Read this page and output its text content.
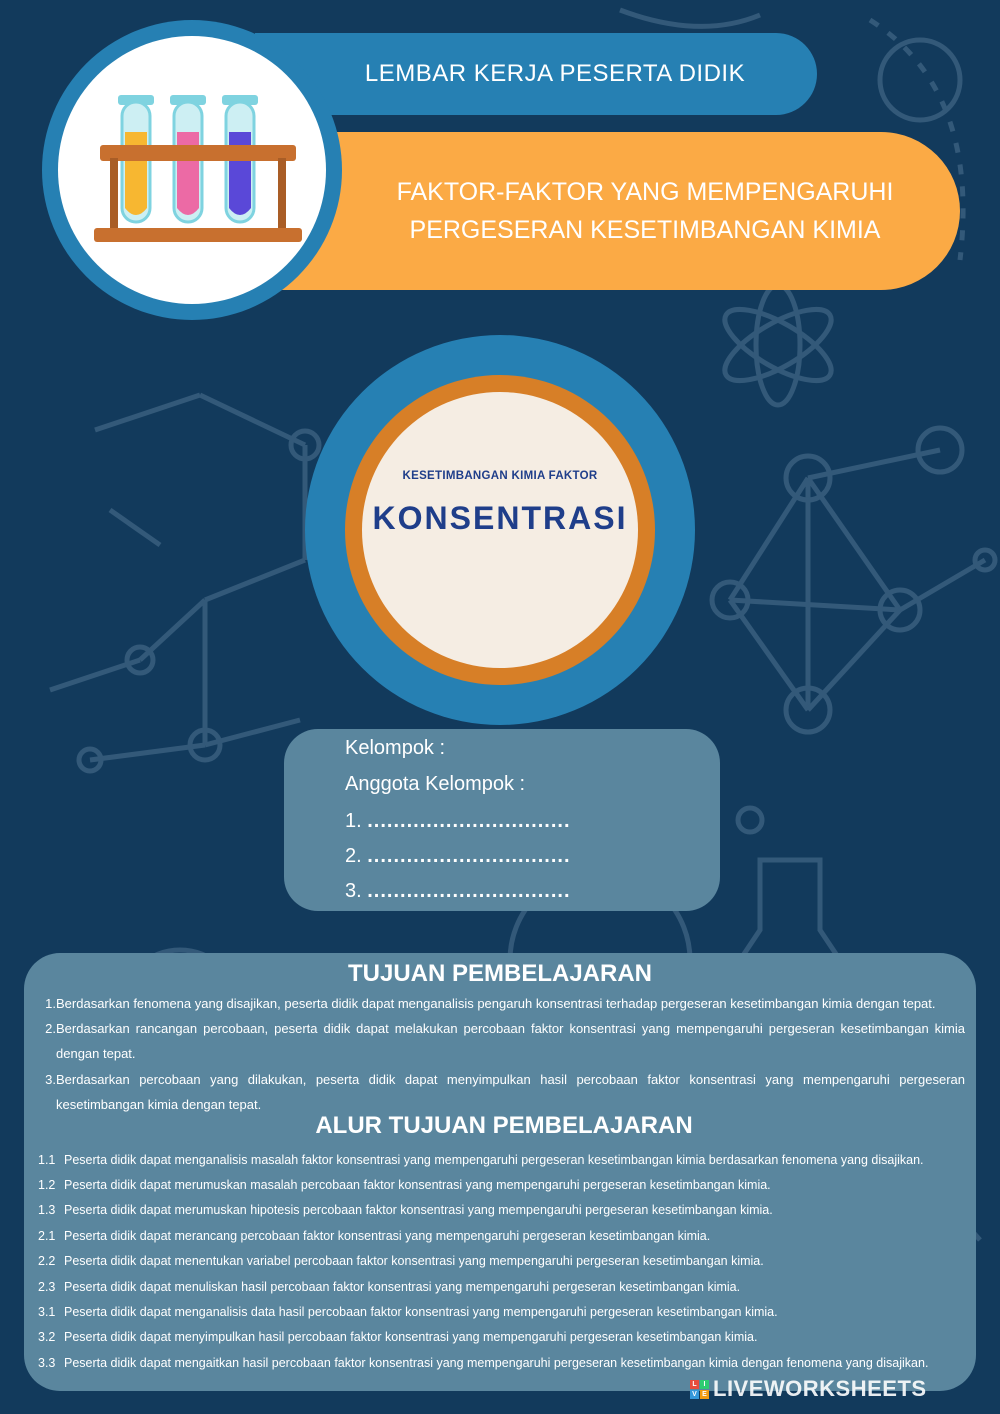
LEMBAR KERJA PESERTA DIDIK
FAKTOR-FAKTOR YANG MEMPENGARUHI
PERGESERAN KESETIMBANGAN KIMIA
KESETIMBANGAN KIMIA FAKTOR
KONSENTRASI
Kelompok :
Anggota Kelompok :
1. ...............................
2. ...............................
3. ...............................
TUJUAN PEMBELAJARAN
1. Berdasarkan fenomena yang disajikan, peserta didik dapat menganalisis pengaruh konsentrasi terhadap pergeseran kesetimbangan kimia dengan tepat.
2. Berdasarkan rancangan percobaan, peserta didik dapat melakukan percobaan faktor konsentrasi yang mempengaruhi pergeseran kesetimbangan kimia dengan tepat.
3. Berdasarkan percobaan yang dilakukan, peserta didik dapat menyimpulkan hasil percobaan faktor konsentrasi yang mempengaruhi pergeseran kesetimbangan kimia dengan tepat.
ALUR TUJUAN PEMBELAJARAN
1.1 Peserta didik dapat menganalisis masalah faktor konsentrasi yang mempengaruhi pergeseran kesetimbangan kimia berdasarkan fenomena yang disajikan.
1.2 Peserta didik dapat merumuskan masalah percobaan faktor konsentrasi yang mempengaruhi pergeseran kesetimbangan kimia.
1.3 Peserta didik dapat merumuskan hipotesis percobaan faktor konsentrasi yang mempengaruhi pergeseran kesetimbangan kimia.
2.1 Peserta didik dapat merancang percobaan faktor konsentrasi yang mempengaruhi pergeseran kesetimbangan kimia.
2.2 Peserta didik dapat menentukan variabel percobaan faktor konsentrasi yang mempengaruhi pergeseran kesetimbangan kimia.
2.3 Peserta didik dapat menuliskan hasil percobaan faktor konsentrasi yang mempengaruhi pergeseran kesetimbangan kimia.
3.1 Peserta didik dapat menganalisis data hasil percobaan faktor konsentrasi yang mempengaruhi pergeseran kesetimbangan kimia.
3.2 Peserta didik dapat menyimpulkan hasil percobaan faktor konsentrasi yang mempengaruhi pergeseran kesetimbangan kimia.
3.3 Peserta didik dapat mengaitkan hasil percobaan faktor konsentrasi yang mempengaruhi pergeseran kesetimbangan kimia dengan fenomena yang disajikan.
L I
V E LIVEWORKSHEETS
